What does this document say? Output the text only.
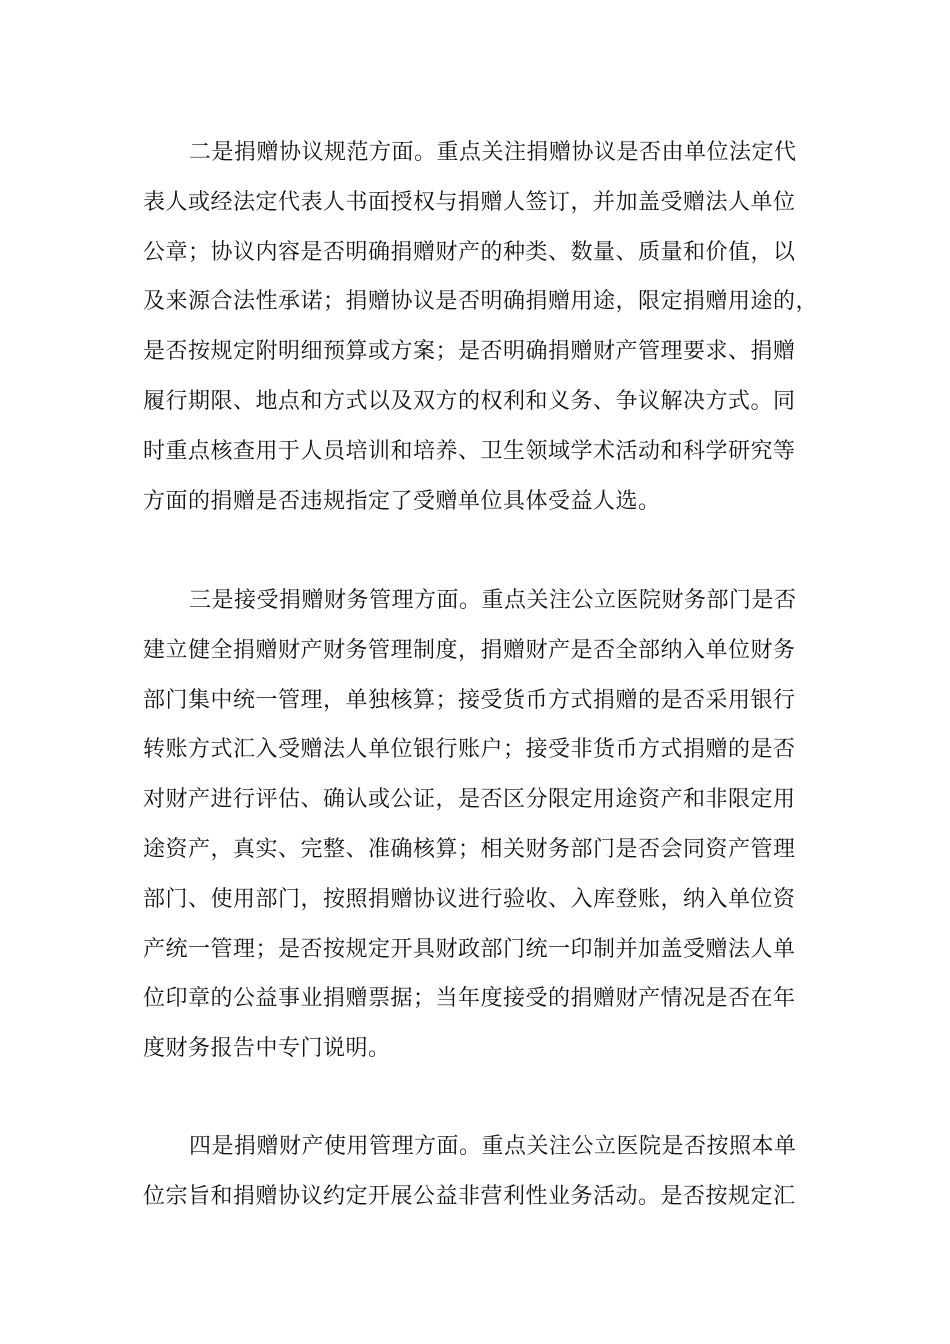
二是捐赠协议规范方面。重点关注捐赠协议是否由单位法定代
表人或经法定代表人书面授权与捐赠人签订，并加盖受赠法人单位
公章；协议内容是否明确捐赠财产的种类、数量、质量和价值，以
及来源合法性承诺；捐赠协议是否明确捐赠用途，限定捐赠用途的，
是否按规定附明细预算或方案；是否明确捐赠财产管理要求、捐赠
履行期限、地点和方式以及双方的权利和义务、争议解决方式。同
时重点核查用于人员培训和培养、卫生领域学术活动和科学研究等
方面的捐赠是否违规指定了受赠单位具体受益人选。
三是接受捐赠财务管理方面。重点关注公立医院财务部门是否
建立健全捐赠财产财务管理制度，捐赠财产是否全部纳入单位财务
部门集中统一管理，单独核算；接受货币方式捐赠的是否采用银行
转账方式汇入受赠法人单位银行账户；接受非货币方式捐赠的是否
对财产进行评估、确认或公证，是否区分限定用途资产和非限定用
途资产，真实、完整、准确核算；相关财务部门是否会同资产管理
部门、使用部门，按照捐赠协议进行验收、入库登账，纳入单位资
产统一管理；是否按规定开具财政部门统一印制并加盖受赠法人单
位印章的公益事业捐赠票据；当年度接受的捐赠财产情况是否在年
度财务报告中专门说明。
四是捐赠财产使用管理方面。重点关注公立医院是否按照本单
位宗旨和捐赠协议约定开展公益非营利性业务活动。是否按规定汇
